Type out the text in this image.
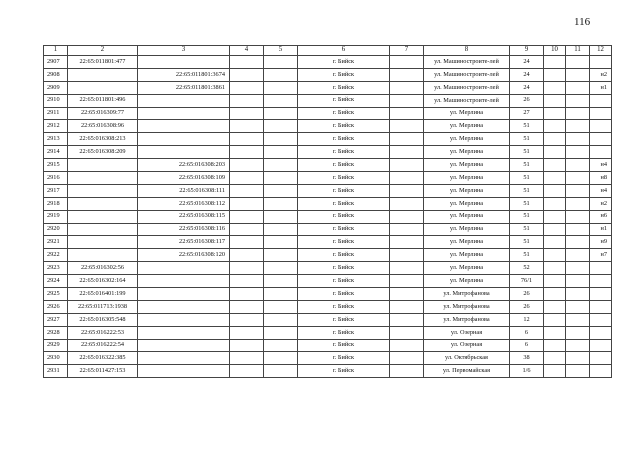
116
1	2	3	4	5	6	7	8	9	10	11	12
2907	22:65:011801:477				г. Бийск		ул. Машиностроите-лей	24			
2908		22:65:011801:3674			г. Бийск		ул. Машиностроите-лей	24			н2
2909		22:65:011801:3861			г. Бийск		ул. Машиностроите-лей	24			н1
2910	22:65:011801:496				г. Бийск		ул. Машиностроите-лей	26			
2911	22:65:016309:77				г. Бийск		ул. Мерлина	27			
2912	22:65:016308:96				г. Бийск		ул. Мерлина	51			
2913	22:65:016308:213				г. Бийск		ул. Мерлина	51			
2914	22:65:016308:209				г. Бийск		ул. Мерлина	51			
2915		22:65:016308:203			г. Бийск		ул. Мерлина	51			н4
2916		22:65:016308:109			г. Бийск		ул. Мерлина	51			н8
2917		22:65:016308:111			г. Бийск		ул. Мерлина	51			н4
2918		22:65:016308:112			г. Бийск		ул. Мерлина	51			н2
2919		22:65:016308:115			г. Бийск		ул. Мерлина	51			н6
2920		22:65:016308:116			г. Бийск		ул. Мерлина	51			н1
2921		22:65:016308:117			г. Бийск		ул. Мерлина	51			н9
2922		22:65:016308:120			г. Бийск		ул. Мерлина	51			н7
2923	22:65:016302:56				г. Бийск		ул. Мерлина	52			
2924	22:65:016302:164				г. Бийск		ул. Мерлина	76/1			
2925	22:65:016401:199				г. Бийск		ул. Митрофанова	26			
2926	22:65:011713:1938				г. Бийск		ул. Митрофанова	26			
2927	22:65:016305:548				г. Бийск		ул. Митрофанова	12			
2928	22:65:016222:53				г. Бийск		ул. Озерная	6			
2929	22:65:016222:54				г. Бийск		ул. Озерная	6			
2930	22:65:016322:385				г. Бийск		ул. Октябрьская	38			
2931	22:65:011427:153				г. Бийск		ул. Первомайская	1/6			
